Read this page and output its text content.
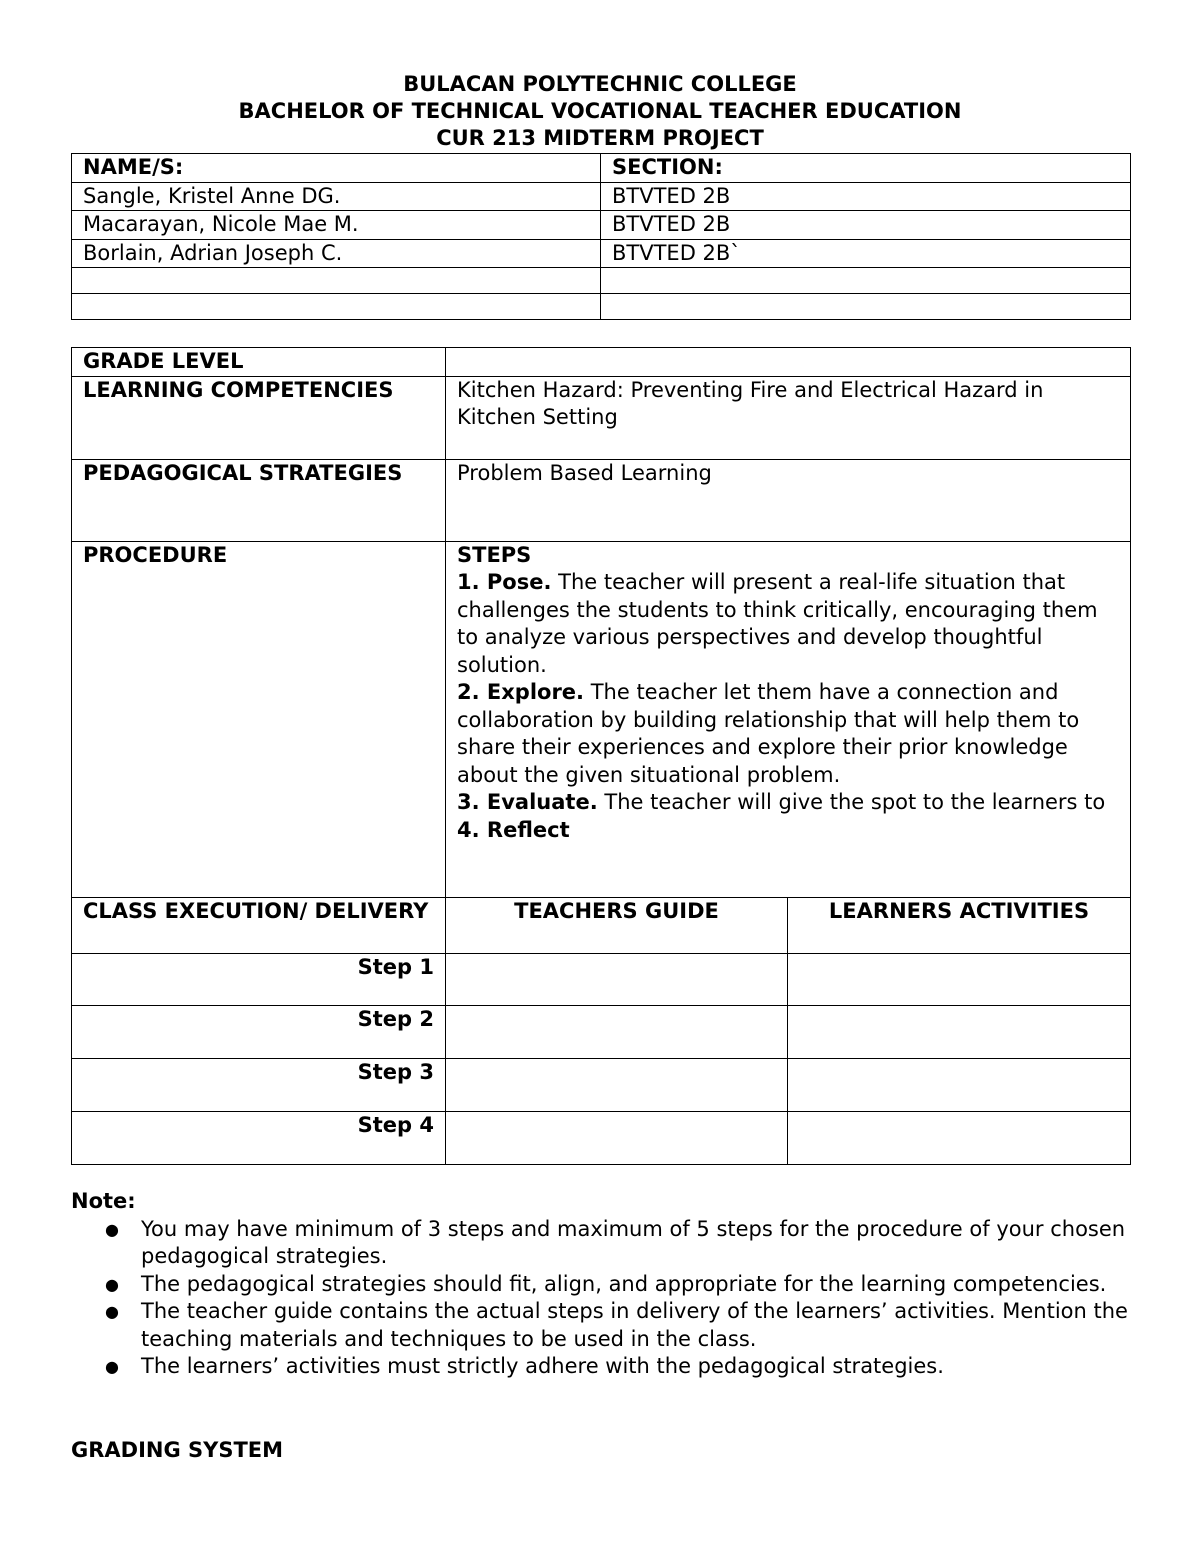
BULACAN POLYTECHNIC COLLEGE
BACHELOR OF TECHNICAL VOCATIONAL TEACHER EDUCATION
CUR 213 MIDTERM PROJECT
NAME/S:	SECTION:
Sangle, Kristel Anne DG.	BTVTED 2B
Macarayan, Nicole Mae M.	BTVTED 2B
Borlain, Adrian Joseph C.	BTVTED 2B`

GRADE LEVEL		
LEARNING COMPETENCIES	Kitchen Hazard: Preventing Fire and Electrical Hazard in Kitchen Setting	
PEDAGOGICAL STRATEGIES	Problem Based Learning	
PROCEDURE	STEPS
1. Pose. The teacher will present a real-life situation that challenges the students to think critically, encouraging them to analyze various perspectives and develop thoughtful solution.
2. Explore. The teacher let them have a connection and collaboration by building relationship that will help them to share their experiences and explore their prior knowledge about the given situational problem.
3. Evaluate. The teacher will give the spot to the learners to
4. Reflect	

CLASS EXECUTION/ DELIVERY	TEACHERS GUIDE	LEARNERS ACTIVITIES
Step 1		
Step 2		
Step 3		
Step 4		
Note:
● You may have minimum of 3 steps and maximum of 5 steps for the procedure of your chosen pedagogical strategies.
● The pedagogical strategies should fit, align, and appropriate for the learning competencies.
● The teacher guide contains the actual steps in delivery of the learners’ activities. Mention the teaching materials and techniques to be used in the class.
● The learners’ activities must strictly adhere with the pedagogical strategies.
GRADING SYSTEM
